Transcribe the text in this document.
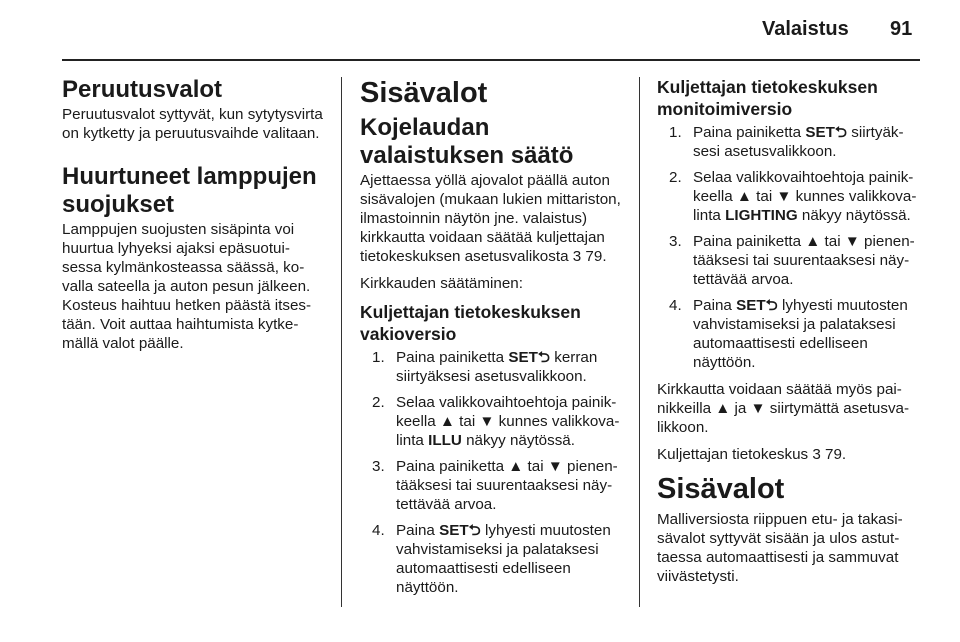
Valaistus 91
Peruutusvalot

Peruutusvalot syttyvät, kun sytytysvirta on kytketty ja peruutusvaihde valitaan.

Huurtuneet lamppujen suojukset

Lamppujen suojusten sisäpinta voi huurtua lyhyeksi ajaksi epäsuotuisessa kylmänkosteassa säässä, kovalla sateella ja auton pesun jälkeen. Kosteus haihtuu hetken päästä itsestään. Voit auttaa haihtumista kytkemällä valot päälle.

Sisävalot
Kojelaudan valaistuksen säätö

Ajettaessa yöllä ajovalot päällä auton sisävalojen (mukaan lukien mittariston, ilmastoinnin näytön jne. valaistus) kirkkautta voidaan säätää kuljettajan tietokeskuksen asetusvalikosta 3 79.

Kirkkauden säätäminen:

Kuljettajan tietokeskuksen vakioversio
1. Paina painiketta SET⮌ kerran siirtyäksesi asetusvalikkoon.
2. Selaa valikkovaihtoehtoja painikkeella ▲ tai ▼ kunnes valikkovalinta ILLU näkyy näytössä.
3. Paina painiketta ▲ tai ▼ pienentääksesi tai suurentaaksesi näytettävää arvoa.
4. Paina SET⮌ lyhyesti muutosten vahvistamiseksi ja palataksesi automaattisesti edelliseen näyttöön.
Kuljettajan tietokeskuksen monitoimiversio
1. Paina painiketta SET⮌ siirtyäksesi asetusvalikkoon.
2. Selaa valikkovaihtoehtoja painikkeella ▲ tai ▼ kunnes valikkovalinta LIGHTING näkyy näytössä.
3. Paina painiketta ▲ tai ▼ pienentääksesi tai suurentaaksesi näytettävää arvoa.
4. Paina SET⮌ lyhyesti muutosten vahvistamiseksi ja palataksesi automaattisesti edelliseen näyttöön.

Kirkkautta voidaan säätää myös painikkeilla ▲ ja ▼ siirtymättä asetusvalikkoon.

Kuljettajan tietokeskus 3 79.

Sisävalot

Malliversiosta riippuen etu- ja takasisävalot syttyvät sisään ja ulos astuttaessa automaattisesti ja sammuvat viivästetysti.
